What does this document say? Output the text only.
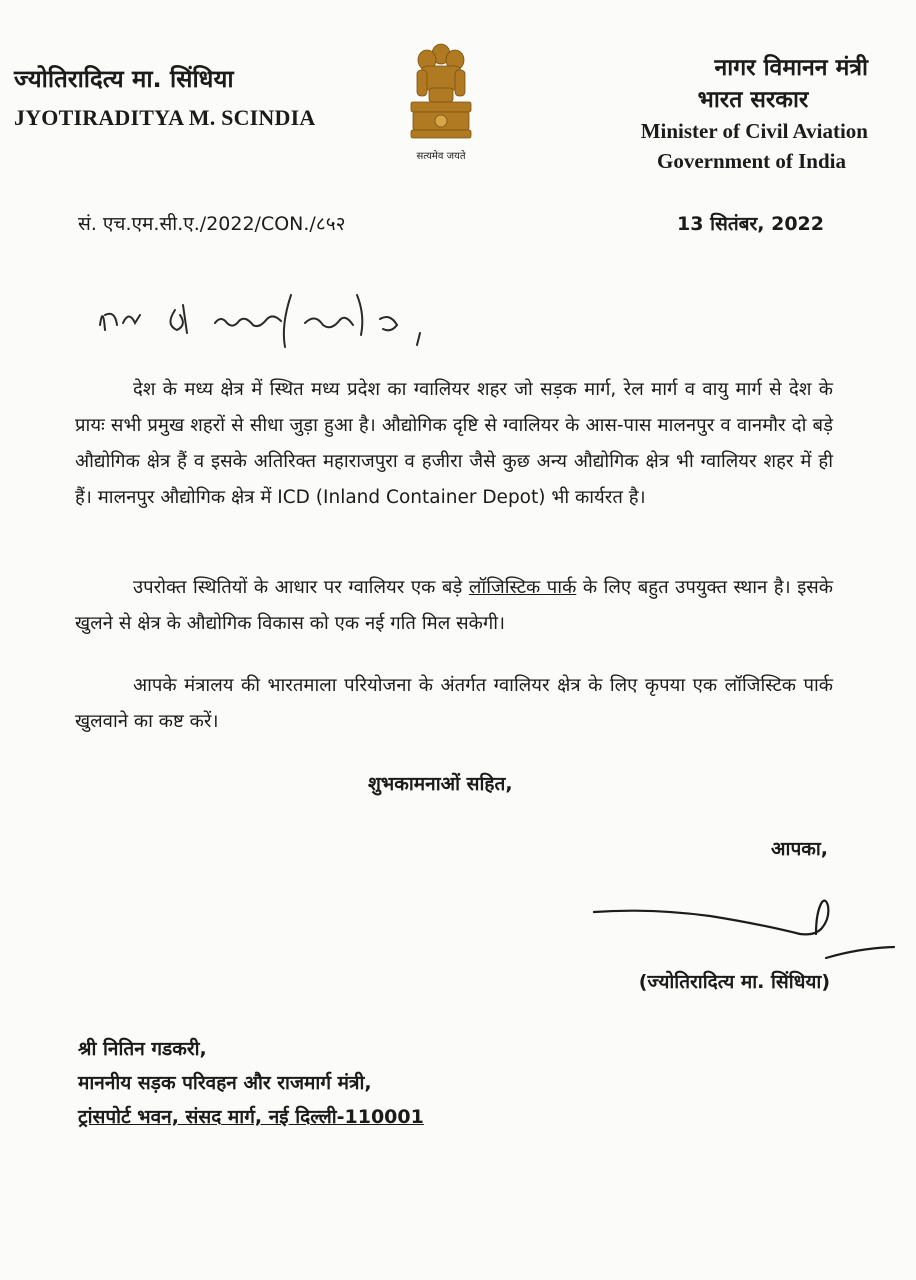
ज्योतिरादित्य मा. सिंधिया
JYOTIRADITYA M. SCINDIA
सत्यमेव जयते
नागर विमानन मंत्री
भारत सरकार
Minister of Civil Aviation
Government of India
सं. एच.एम.सी.ए./2022/CON./८५२	13 सितंबर, 2022
देश के मध्य क्षेत्र में स्थित मध्य प्रदेश का ग्वालियर शहर जो सड़क मार्ग, रेल मार्ग व वायु मार्ग से देश के प्रायः सभी प्रमुख शहरों से सीधा जुड़ा हुआ है। औद्योगिक दृष्टि से ग्वालियर के आस-पास मालनपुर व वानमौर दो बड़े औद्योगिक क्षेत्र हैं व इसके अतिरिक्त महाराजपुरा व हजीरा जैसे कुछ अन्य औद्योगिक क्षेत्र भी ग्वालियर शहर में ही हैं। मालनपुर औद्योगिक क्षेत्र में ICD (Inland Container Depot) भी कार्यरत है।
उपरोक्त स्थितियों के आधार पर ग्वालियर एक बड़े लॉजिस्टिक पार्क के लिए बहुत उपयुक्त स्थान है। इसके खुलने से क्षेत्र के औद्योगिक विकास को एक नई गति मिल सकेगी।
आपके मंत्रालय की भारतमाला परियोजना के अंतर्गत ग्वालियर क्षेत्र के लिए कृपया एक लॉजिस्टिक पार्क खुलवाने का कष्ट करें।
शुभकामनाओं सहित,
आपका,
(ज्योतिरादित्य मा. सिंधिया)
श्री नितिन गडकरी,
माननीय सड़क परिवहन और राजमार्ग मंत्री,
ट्रांसपोर्ट भवन, संसद मार्ग, नई दिल्ली-110001
